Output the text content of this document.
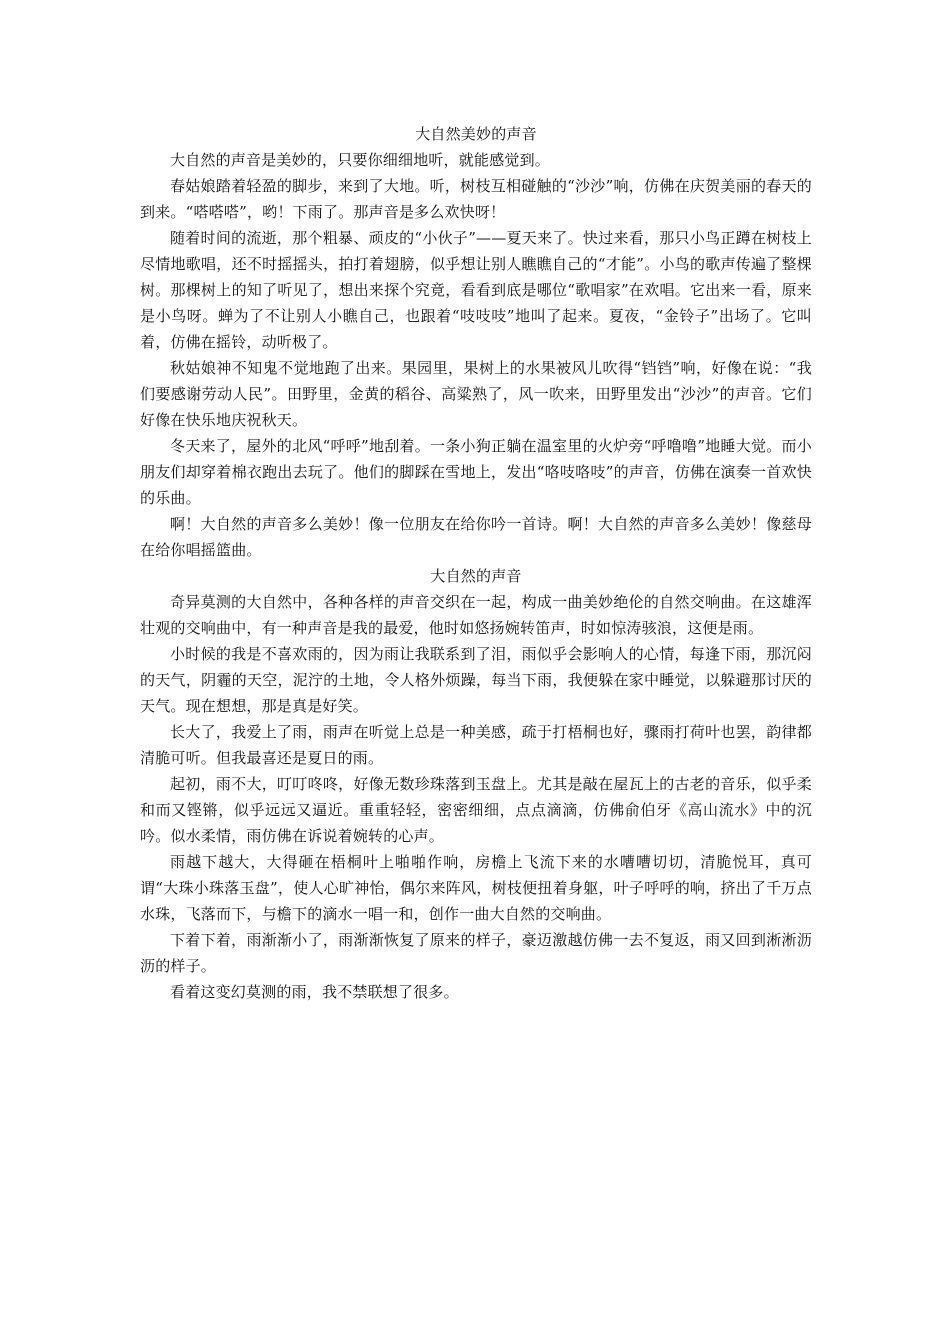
大自然美妙的声音

大自然的声音是美妙的，只要你细细地听，就能感觉到。

春姑娘踏着轻盈的脚步，来到了大地。听，树枝互相碰触的“沙沙”响，仿佛在庆贺美丽的春天的到来。“嗒嗒嗒”，哟！下雨了。那声音是多么欢快呀！

随着时间的流逝，那个粗暴、顽皮的“小伙子”——夏天来了。快过来看，那只小鸟正蹲在树枝上尽情地歌唱，还不时摇摇头，拍打着翅膀，似乎想让别人瞧瞧自己的“才能”。小鸟的歌声传遍了整棵树。那棵树上的知了听见了，想出来探个究竟，看看到底是哪位“歌唱家”在欢唱。它出来一看，原来是小鸟呀。蝉为了不让别人小瞧自己，也跟着“吱吱吱”地叫了起来。夏夜，“金铃子”出场了。它叫着，仿佛在摇铃，动听极了。

秋姑娘神不知鬼不觉地跑了出来。果园里，果树上的水果被风儿吹得“铛铛”响，好像在说：“我们要感谢劳动人民”。田野里，金黄的稻谷、高粱熟了，风一吹来，田野里发出“沙沙”的声音。它们好像在快乐地庆祝秋天。

冬天来了，屋外的北风“呼呼”地刮着。一条小狗正躺在温室里的火炉旁“呼噜噜”地睡大觉。而小朋友们却穿着棉衣跑出去玩了。他们的脚踩在雪地上，发出“咯吱咯吱”的声音，仿佛在演奏一首欢快的乐曲。

啊！大自然的声音多么美妙！像一位朋友在给你吟一首诗。啊！大自然的声音多么美妙！像慈母在给你唱摇篮曲。

大自然的声音

奇异莫测的大自然中，各种各样的声音交织在一起，构成一曲美妙绝伦的自然交响曲。在这雄浑壮观的交响曲中，有一种声音是我的最爱，他时如悠扬婉转笛声，时如惊涛骇浪，这便是雨。

小时候的我是不喜欢雨的，因为雨让我联系到了泪，雨似乎会影响人的心情，每逢下雨，那沉闷的天气，阴霾的天空，泥泞的土地，令人格外烦躁，每当下雨，我便躲在家中睡觉，以躲避那讨厌的天气。现在想想，那是真是好笑。

长大了，我爱上了雨，雨声在听觉上总是一种美感，疏于打梧桐也好，骤雨打荷叶也罢，韵律都清脆可听。但我最喜还是夏日的雨。

起初，雨不大，叮叮咚咚，好像无数珍珠落到玉盘上。尤其是敲在屋瓦上的古老的音乐，似乎柔和而又铿锵，似乎远远又逼近。重重轻轻，密密细细，点点滴滴，仿佛俞伯牙《高山流水》中的沉吟。似水柔情，雨仿佛在诉说着婉转的心声。

雨越下越大，大得砸在梧桐叶上啪啪作响，房檐上飞流下来的水嘈嘈切切，清脆悦耳，真可谓“大珠小珠落玉盘”，使人心旷神怡，偶尔来阵风，树枝便扭着身躯，叶子呼呼的响，挤出了千万点水珠，飞落而下，与檐下的滴水一唱一和，创作一曲大自然的交响曲。

下着下着，雨渐渐小了，雨渐渐恢复了原来的样子，豪迈激越仿佛一去不复返，雨又回到淅淅沥沥的样子。

看着这变幻莫测的雨，我不禁联想了很多。
